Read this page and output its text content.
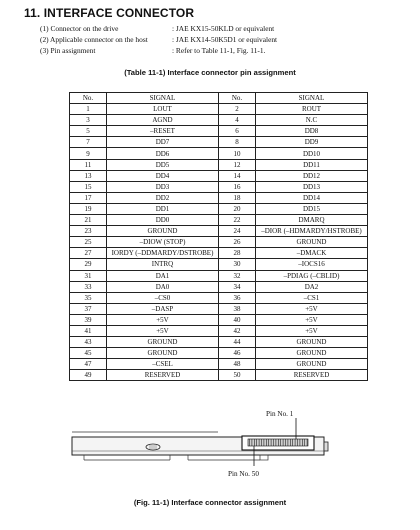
11. INTERFACE CONNECTOR
(1) Connector on the drive	: JAE KX15-50KLD or equivalent
(2) Applicable connector on the host	: JAE KX14-50K5D1 or equivalent
(3) Pin assignment	: Refer to Table 11-1, Fig. 11-1.
(Table 11-1) Interface connector pin assignment
No.	SIGNAL	No.	SIGNAL
1	LOUT	2	ROUT
3	AGND	4	N.C
5	–RESET	6	DD8
7	DD7	8	DD9
9	DD6	10	DD10
11	DD5	12	DD11
13	DD4	14	DD12
15	DD3	16	DD13
17	DD2	18	DD14
19	DD1	20	DD15
21	DD0	22	DMARQ
23	GROUND	24	–DIOR (–HDMARDY/HSTROBE)
25	–DIOW (STOP)	26	GROUND
27	IORDY (–DDMARDY/DSTROBE)	28	–DMACK
29	INTRQ	30	–IOCS16
31	DA1	32	–PDIAG (–CBLID)
33	DA0	34	DA2
35	–CS0	36	–CS1
37	–DASP	38	+5V
39	+5V	40	+5V
41	+5V	42	+5V
43	GROUND	44	GROUND
45	GROUND	46	GROUND
47	–CSEL	48	GROUND
49	RESERVED	50	RESERVED
Pin No. 1
Pin No. 50
(Fig. 11-1) Interface connector assignment
